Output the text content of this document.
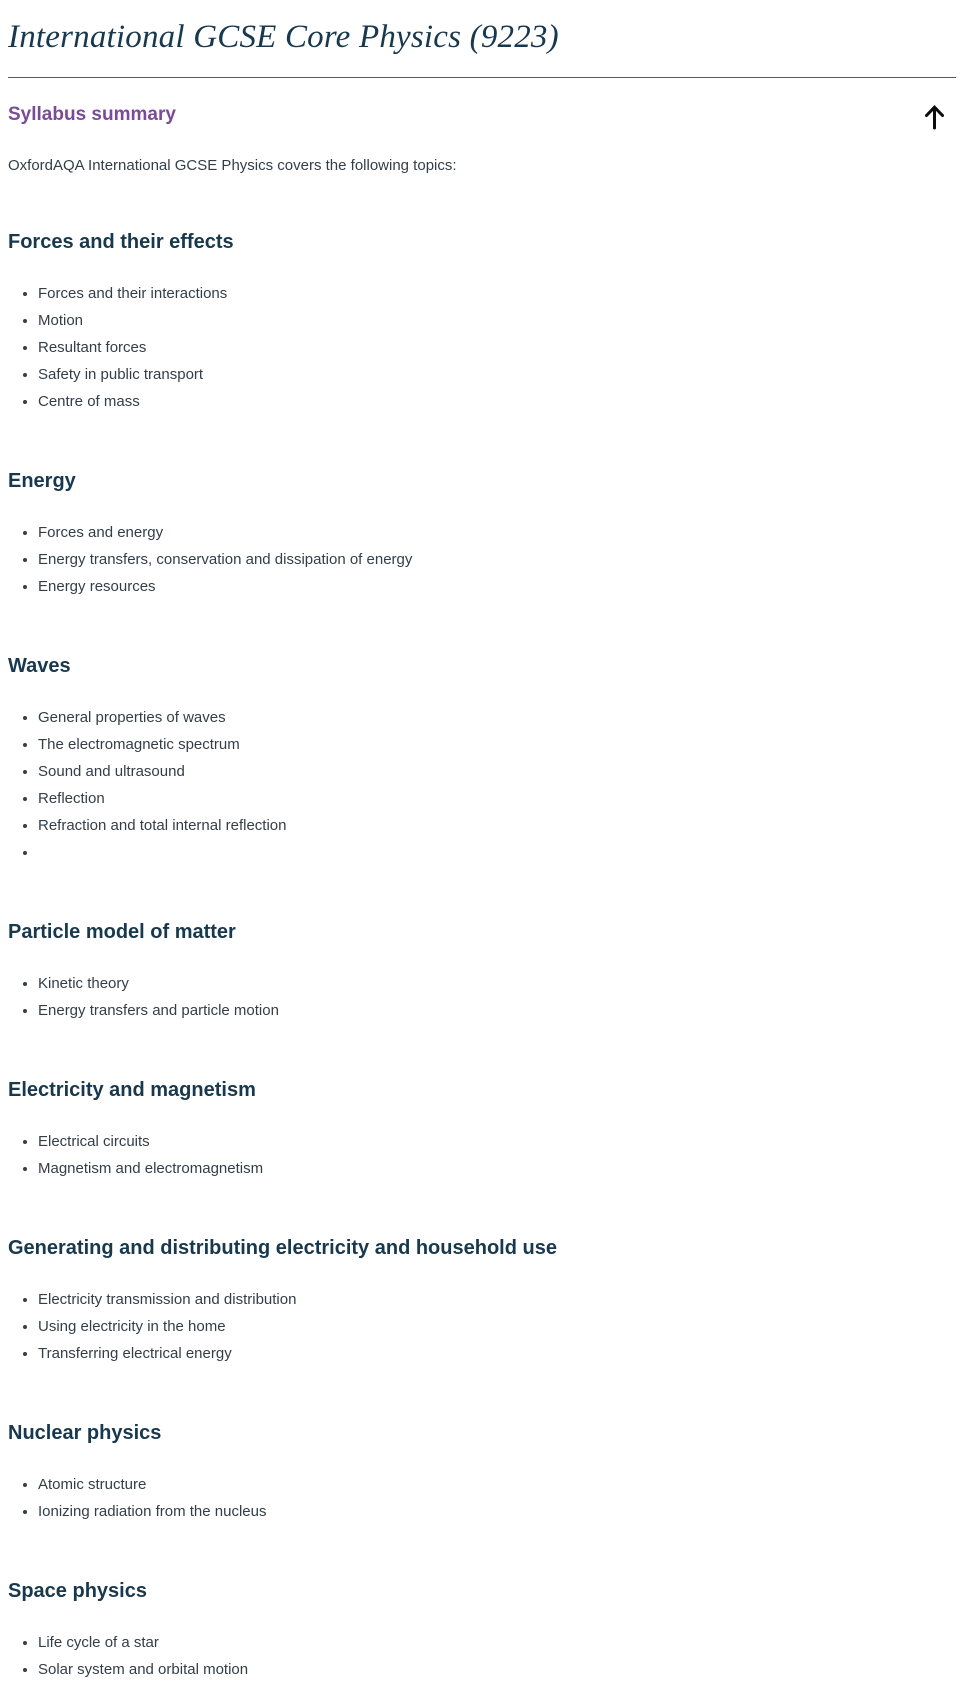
International GCSE Core Physics (9223)
Syllabus summary

OxfordAQA International GCSE Physics covers the following topics:

Forces and their effects
• Forces and their interactions
• Motion
• Resultant forces
• Safety in public transport
• Centre of mass
Energy
• Forces and energy
• Energy transfers, conservation and dissipation of energy
• Energy resources
Waves
• General properties of waves
• The electromagnetic spectrum
• Sound and ultrasound
• Reflection
• Refraction and total internal reflection
•
Particle model of matter
• Kinetic theory
• Energy transfers and particle motion
Electricity and magnetism
• Electrical circuits
• Magnetism and electromagnetism
Generating and distributing electricity and household use
• Electricity transmission and distribution
• Using electricity in the home
• Transferring electrical energy
Nuclear physics
• Atomic structure
• Ionizing radiation from the nucleus
Space physics
• Life cycle of a star
• Solar system and orbital motion
